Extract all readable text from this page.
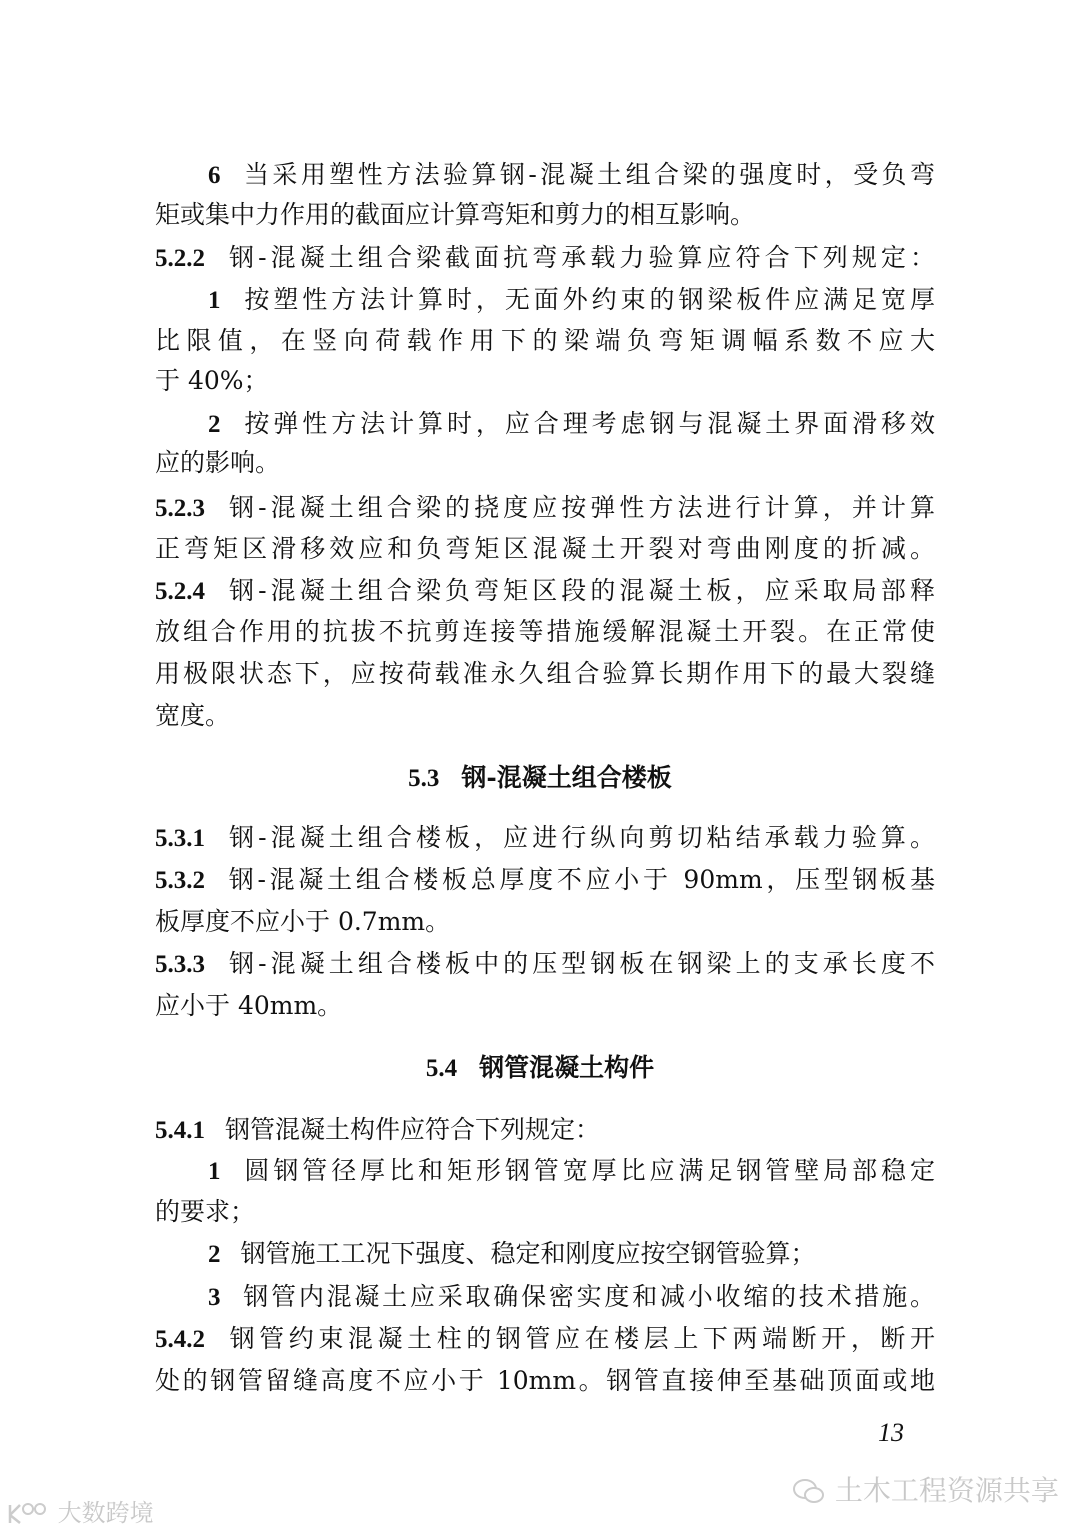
6 当采用塑性方法验算钢-混凝土组合梁的强度时，受负弯
矩或集中力作用的截面应计算弯矩和剪力的相互影响。
5.2.2 钢-混凝土组合梁截面抗弯承载力验算应符合下列规定：
1 按塑性方法计算时，无面外约束的钢梁板件应满足宽厚
比限值，在竖向荷载作用下的梁端负弯矩调幅系数不应大
于 40%；
2 按弹性方法计算时，应合理考虑钢与混凝土界面滑移效
应的影响。
5.2.3 钢-混凝土组合梁的挠度应按弹性方法进行计算，并计算
正弯矩区滑移效应和负弯矩区混凝土开裂对弯曲刚度的折减。
5.2.4 钢-混凝土组合梁负弯矩区段的混凝土板，应采取局部释
放组合作用的抗拔不抗剪连接等措施缓解混凝土开裂。在正常使
用极限状态下，应按荷载准永久组合验算长期作用下的最大裂缝
宽度。
5.3.1 钢-混凝土组合楼板，应进行纵向剪切粘结承载力验算。
5.3.2 钢-混凝土组合楼板总厚度不应小于 90mm，压型钢板基
板厚度不应小于 0.7mm。
5.3.3 钢-混凝土组合楼板中的压型钢板在钢梁上的支承长度不
应小于 40mm。
5.4.1 钢管混凝土构件应符合下列规定：
1 圆钢管径厚比和矩形钢管宽厚比应满足钢管壁局部稳定
的要求；
2 钢管施工工况下强度、稳定和刚度应按空钢管验算；
3 钢管内混凝土应采取确保密实度和减小收缩的技术措施。
5.4.2 钢管约束混凝土柱的钢管应在楼层上下两端断开，断开
处的钢管留缝高度不应小于 10mm。钢管直接伸至基础顶面或地
5.3 钢-混凝土组合楼板
5.4 钢管混凝土构件
13
土木工程资源共享
大数跨境
